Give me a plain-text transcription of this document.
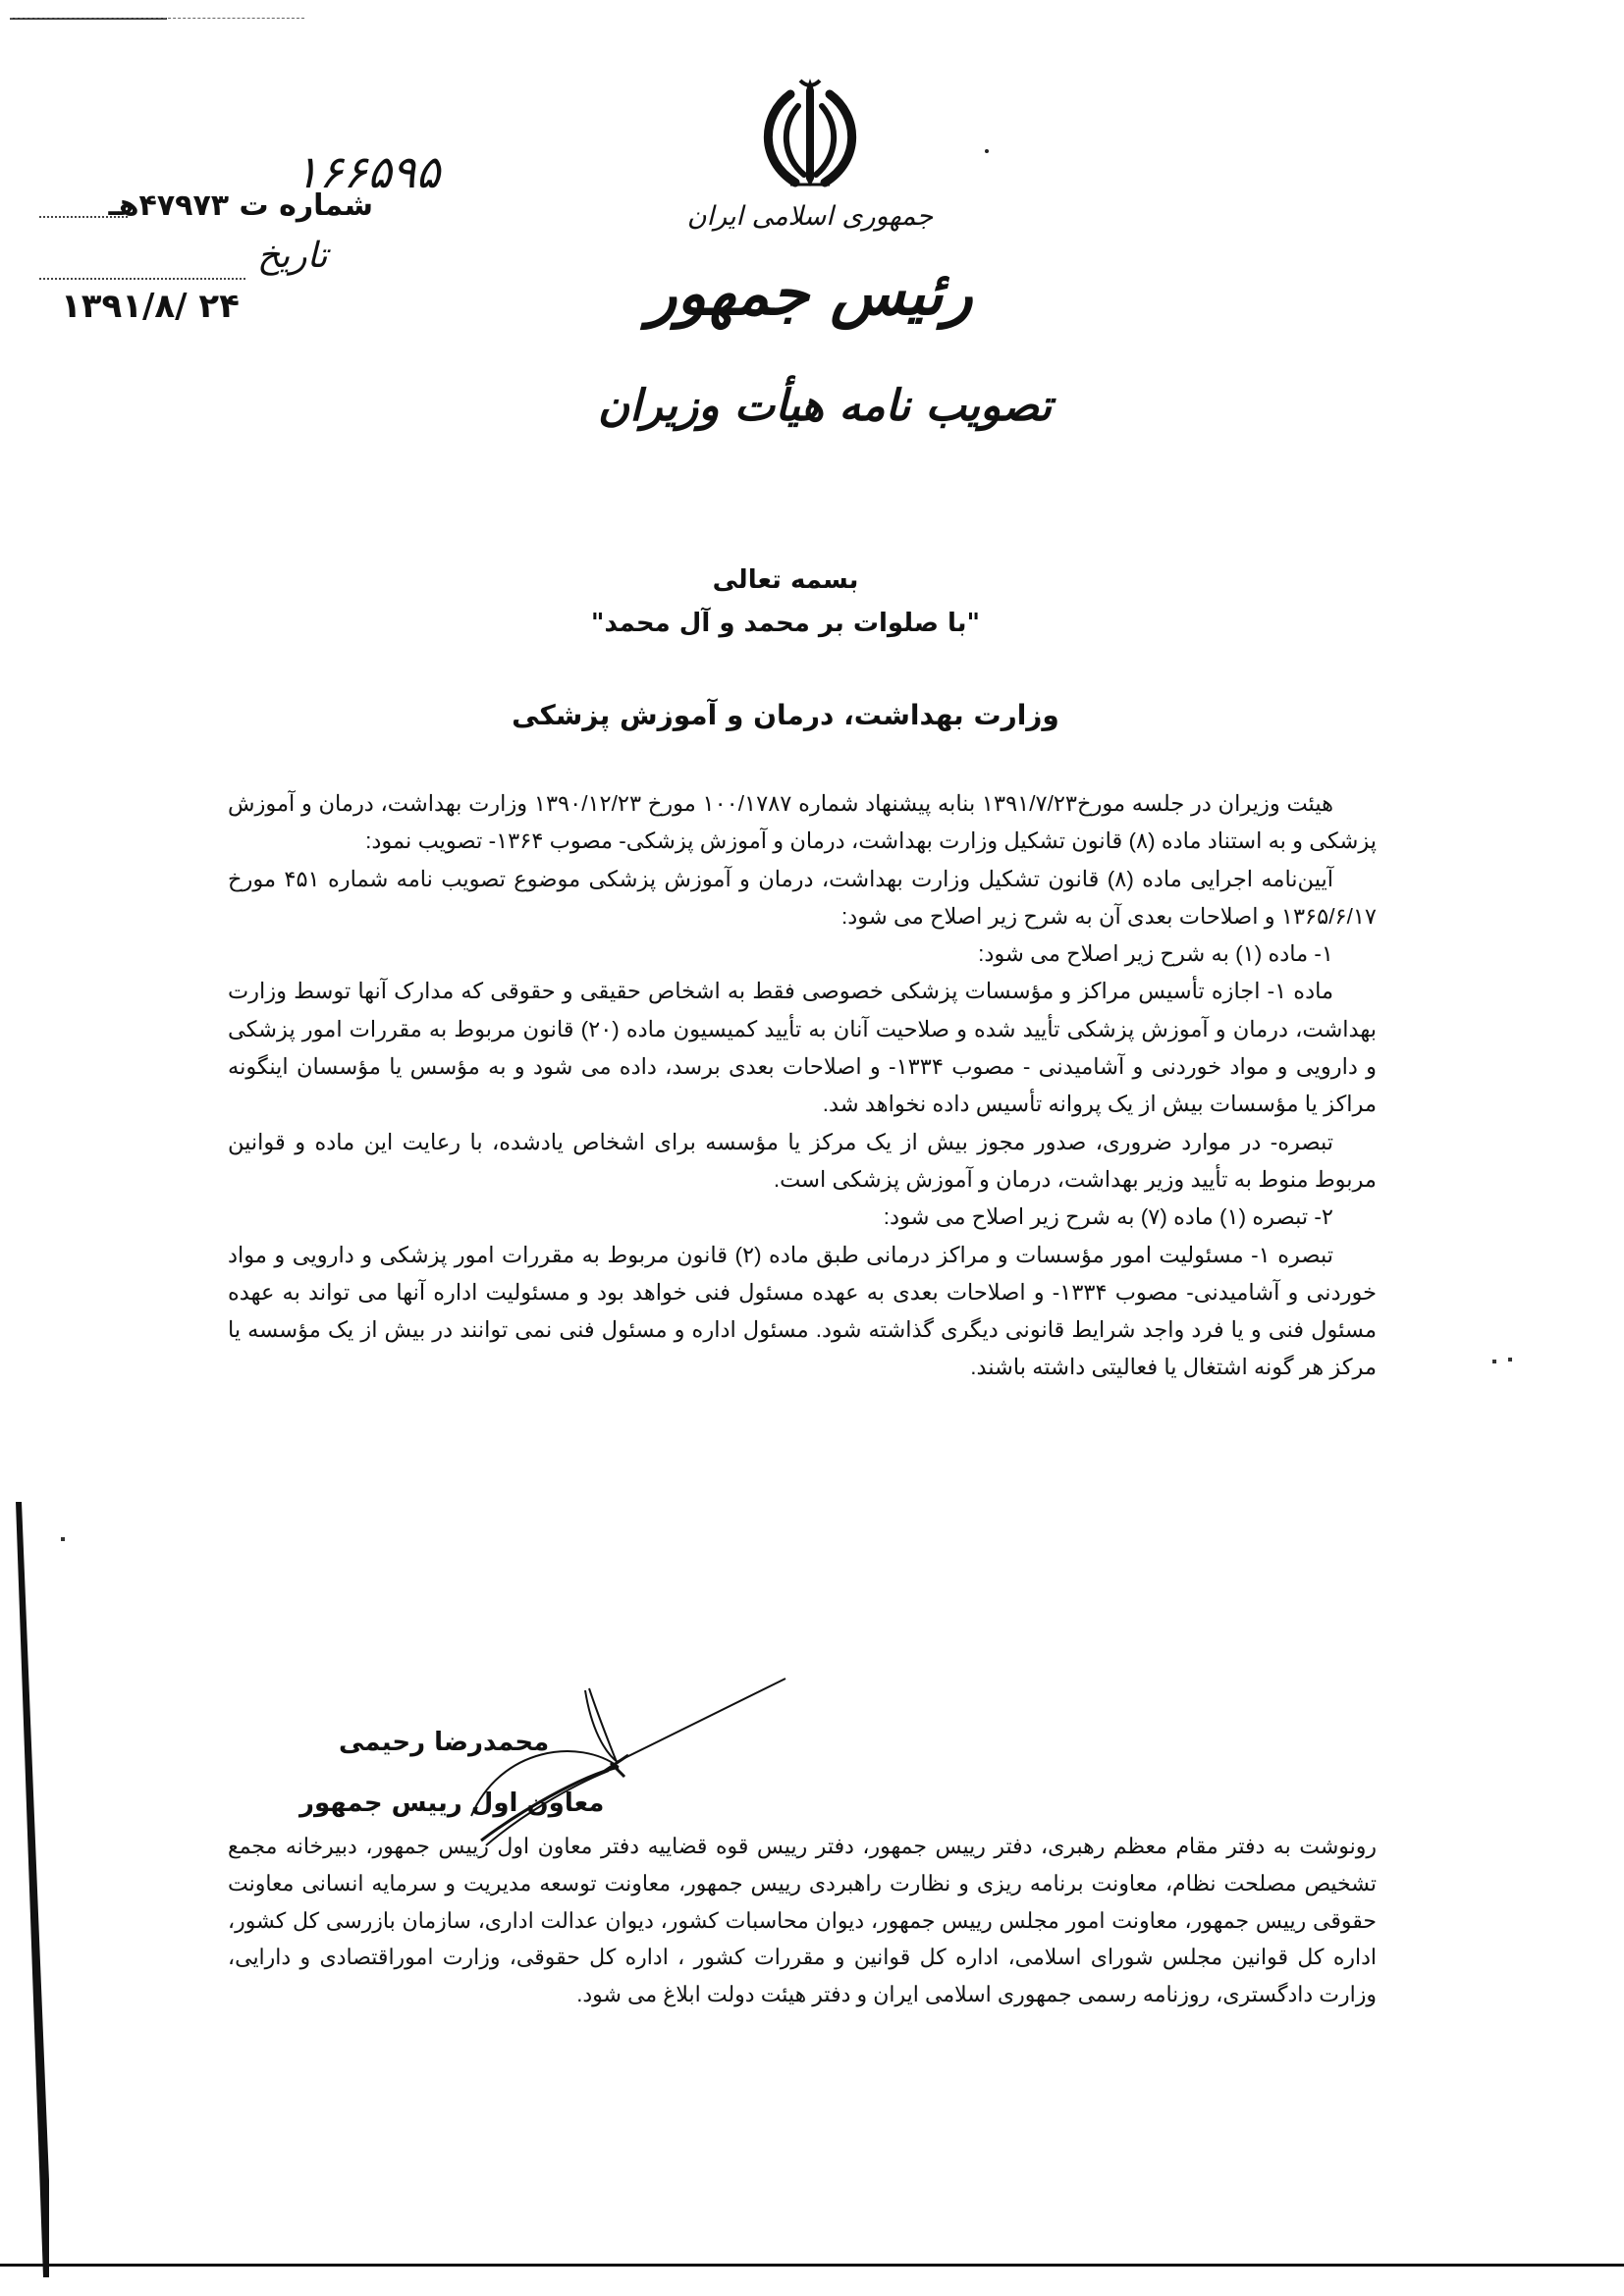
۱۶۶۵۹۵
شماره ت ۴۷۹۷۳هـ
تاریخ
۱۳۹۱/۸/ ۲۴
جمهوری اسلامی ایران
رئیس جمهور
تصویب نامه هیأت وزیران
بسمه تعالی
"با صلوات بر محمد و آل محمد"
وزارت بهداشت، درمان و آموزش پزشکی

هیئت وزیران در جلسه مورخ۱۳۹۱/۷/۲۳ بنابه پیشنهاد شماره ۱۰۰/۱۷۸۷ مورخ ۱۳۹۰/۱۲/۲۳ وزارت بهداشت، درمان و آموزش پزشکی و به استناد ماده (۸) قانون تشکیل وزارت بهداشت، درمان و آموزش پزشکی- مصوب ۱۳۶۴- تصویب نمود:

آیین‌نامه اجرایی ماده (۸) قانون تشکیل وزارت بهداشت، درمان و آموزش پزشکی موضوع تصویب نامه شماره ۴۵۱ مورخ ۱۳۶۵/۶/۱۷ و اصلاحات بعدی آن به شرح زیر اصلاح می شود:

۱- ماده (۱) به شرح زیر اصلاح می شود:

ماده ۱- اجازه تأسیس مراکز و مؤسسات پزشکی خصوصی فقط به اشخاص حقیقی و حقوقی که مدارک آنها توسط وزارت بهداشت، درمان و آموزش پزشکی تأیید شده و صلاحیت آنان به تأیید کمیسیون ماده (۲۰) قانون مربوط به مقررات امور پزشکی و دارویی و مواد خوردنی و آشامیدنی - مصوب ۱۳۳۴- و اصلاحات بعدی برسد، داده می شود و به مؤسس یا مؤسسان اینگونه مراکز یا مؤسسات بیش از یک پروانه تأسیس داده نخواهد شد.

تبصره- در موارد ضروری، صدور مجوز بیش از یک مرکز یا مؤسسه برای اشخاص یادشده، با رعایت این ماده و قوانین مربوط منوط به تأیید وزیر بهداشت، درمان و آموزش پزشکی است.

۲- تبصره (۱) ماده (۷) به شرح زیر اصلاح می شود:

تبصره ۱- مسئولیت امور مؤسسات و مراکز درمانی طبق ماده (۲) قانون مربوط به مقررات امور پزشکی و دارویی و مواد خوردنی و آشامیدنی- مصوب ۱۳۳۴- و اصلاحات بعدی به عهده مسئول فنی خواهد بود و مسئولیت اداره آنها می تواند به عهده مسئول فنی و یا فرد واجد شرایط قانونی دیگری گذاشته شود. مسئول اداره و مسئول فنی نمی توانند در بیش از یک مؤسسه یا مرکز هر گونه اشتغال یا فعالیتی داشته باشند.

محمدرضا رحیمی
معاون اول رییس جمهور

رونوشت به دفتر مقام معظم رهبری، دفتر رییس جمهور، دفتر رییس قوه قضاییه دفتر معاون اول رییس جمهور، دبیرخانه مجمع تشخیص مصلحت نظام، معاونت برنامه ریزی و نظارت راهبردی رییس جمهور، معاونت توسعه مدیریت و سرمایه انسانی معاونت حقوقی رییس جمهور، معاونت امور مجلس رییس جمهور، دیوان محاسبات کشور، دیوان عدالت اداری، سازمان بازرسی کل کشور، اداره کل قوانین مجلس شورای اسلامی، اداره کل قوانین و مقررات کشور ، اداره کل حقوقی، وزارت اموراقتصادی و دارایی، وزارت دادگستری، روزنامه رسمی جمهوری اسلامی ایران و دفتر هیئت دولت ابلاغ می شود.
